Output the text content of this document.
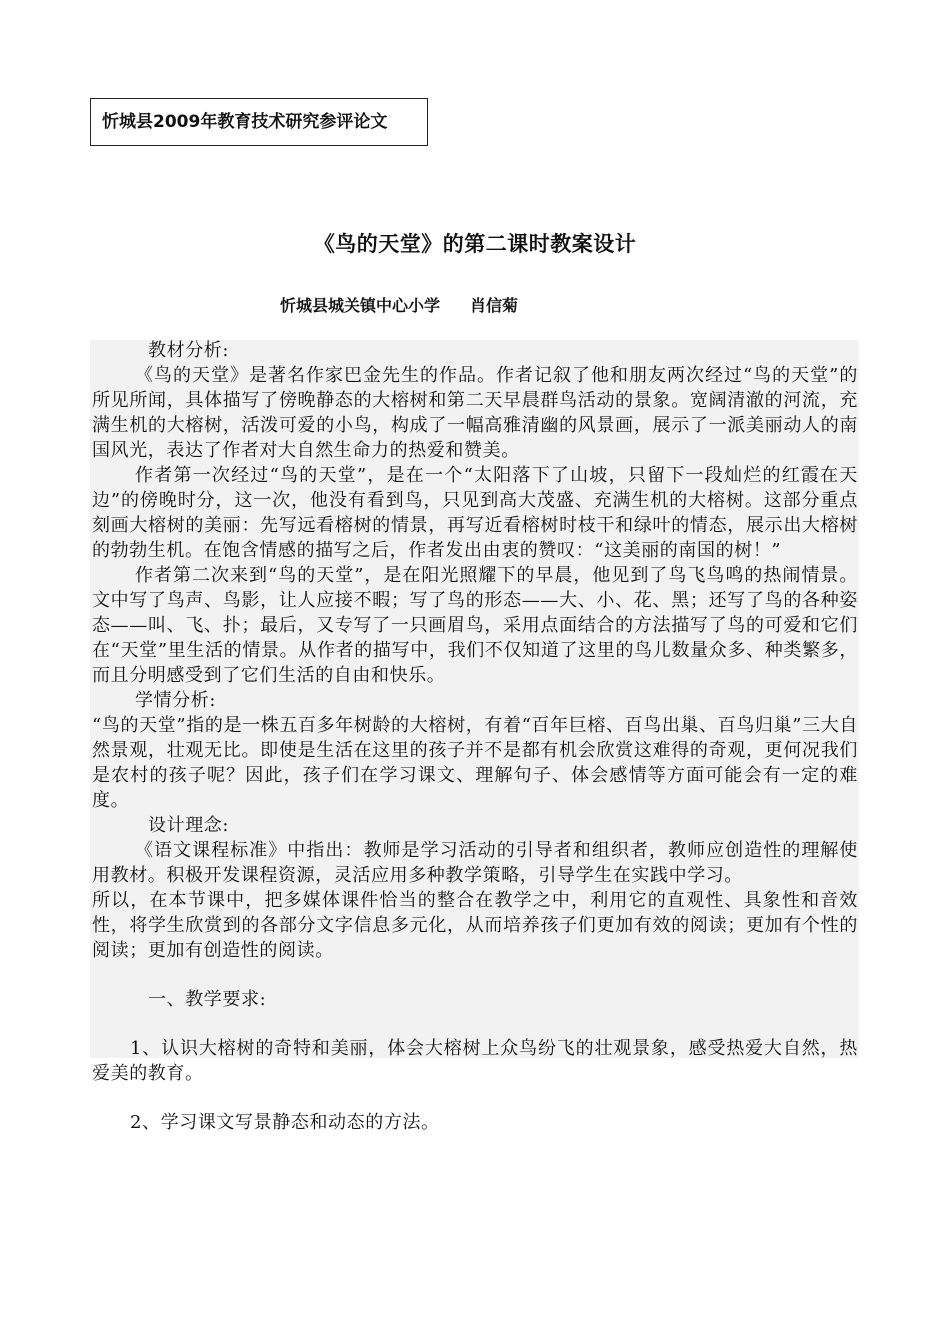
忻城县2009年教育技术研究参评论文
《鸟的天堂》的第二课时教案设计
忻城县城关镇中心小学 肖信菊

教材分析:

《鸟的天堂》是著名作家巴金先生的作品。作者记叙了他和朋友两次经过“鸟的天堂”的所见所闻，具体描写了傍晚静态的大榕树和第二天早晨群鸟活动的景象。宽阔清澈的河流，充满生机的大榕树，活泼可爱的小鸟，构成了一幅高雅清幽的风景画，展示了一派美丽动人的南国风光，表达了作者对大自然生命力的热爱和赞美。

作者第一次经过“鸟的天堂”，是在一个“太阳落下了山坡，只留下一段灿烂的红霞在天边”的傍晚时分，这一次，他没有看到鸟，只见到高大茂盛、充满生机的大榕树。这部分重点刻画大榕树的美丽：先写远看榕树的情景，再写近看榕树时枝干和绿叶的情态，展示出大榕树的勃勃生机。在饱含情感的描写之后，作者发出由衷的赞叹：“这美丽的南国的树！”

作者第二次来到“鸟的天堂”，是在阳光照耀下的早晨，他见到了鸟飞鸟鸣的热闹情景。文中写了鸟声、鸟影，让人应接不暇；写了鸟的形态——大、小、花、黑；还写了鸟的各种姿态——叫、飞、扑；最后，又专写了一只画眉鸟，采用点面结合的方法描写了鸟的可爱和它们在“天堂”里生活的情景。从作者的描写中，我们不仅知道了这里的鸟儿数量众多、种类繁多，而且分明感受到了它们生活的自由和快乐。

学情分析:

“鸟的天堂”指的是一株五百多年树龄的大榕树，有着“百年巨榕、百鸟出巢、百鸟归巢”三大自然景观，壮观无比。即使是生活在这里的孩子并不是都有机会欣赏这难得的奇观，更何况我们是农村的孩子呢？因此，孩子们在学习课文、理解句子、体会感情等方面可能会有一定的难度。

设计理念:

《语文课程标准》中指出：教师是学习活动的引导者和组织者，教师应创造性的理解使用教材。积极开发课程资源，灵活应用多种教学策略，引导学生在实践中学习。

所以，在本节课中，把多媒体课件恰当的整合在教学之中，利用它的直观性、具象性和音效性，将学生欣赏到的各部分文字信息多元化，从而培养孩子们更加有效的阅读；更加有个性的阅读；更加有创造性的阅读。

一、教学要求:

1、认识大榕树的奇特和美丽，体会大榕树上众鸟纷飞的壮观景象，感受热爱大自然，热爱美的教育。

2、学习课文写景静态和动态的方法。
